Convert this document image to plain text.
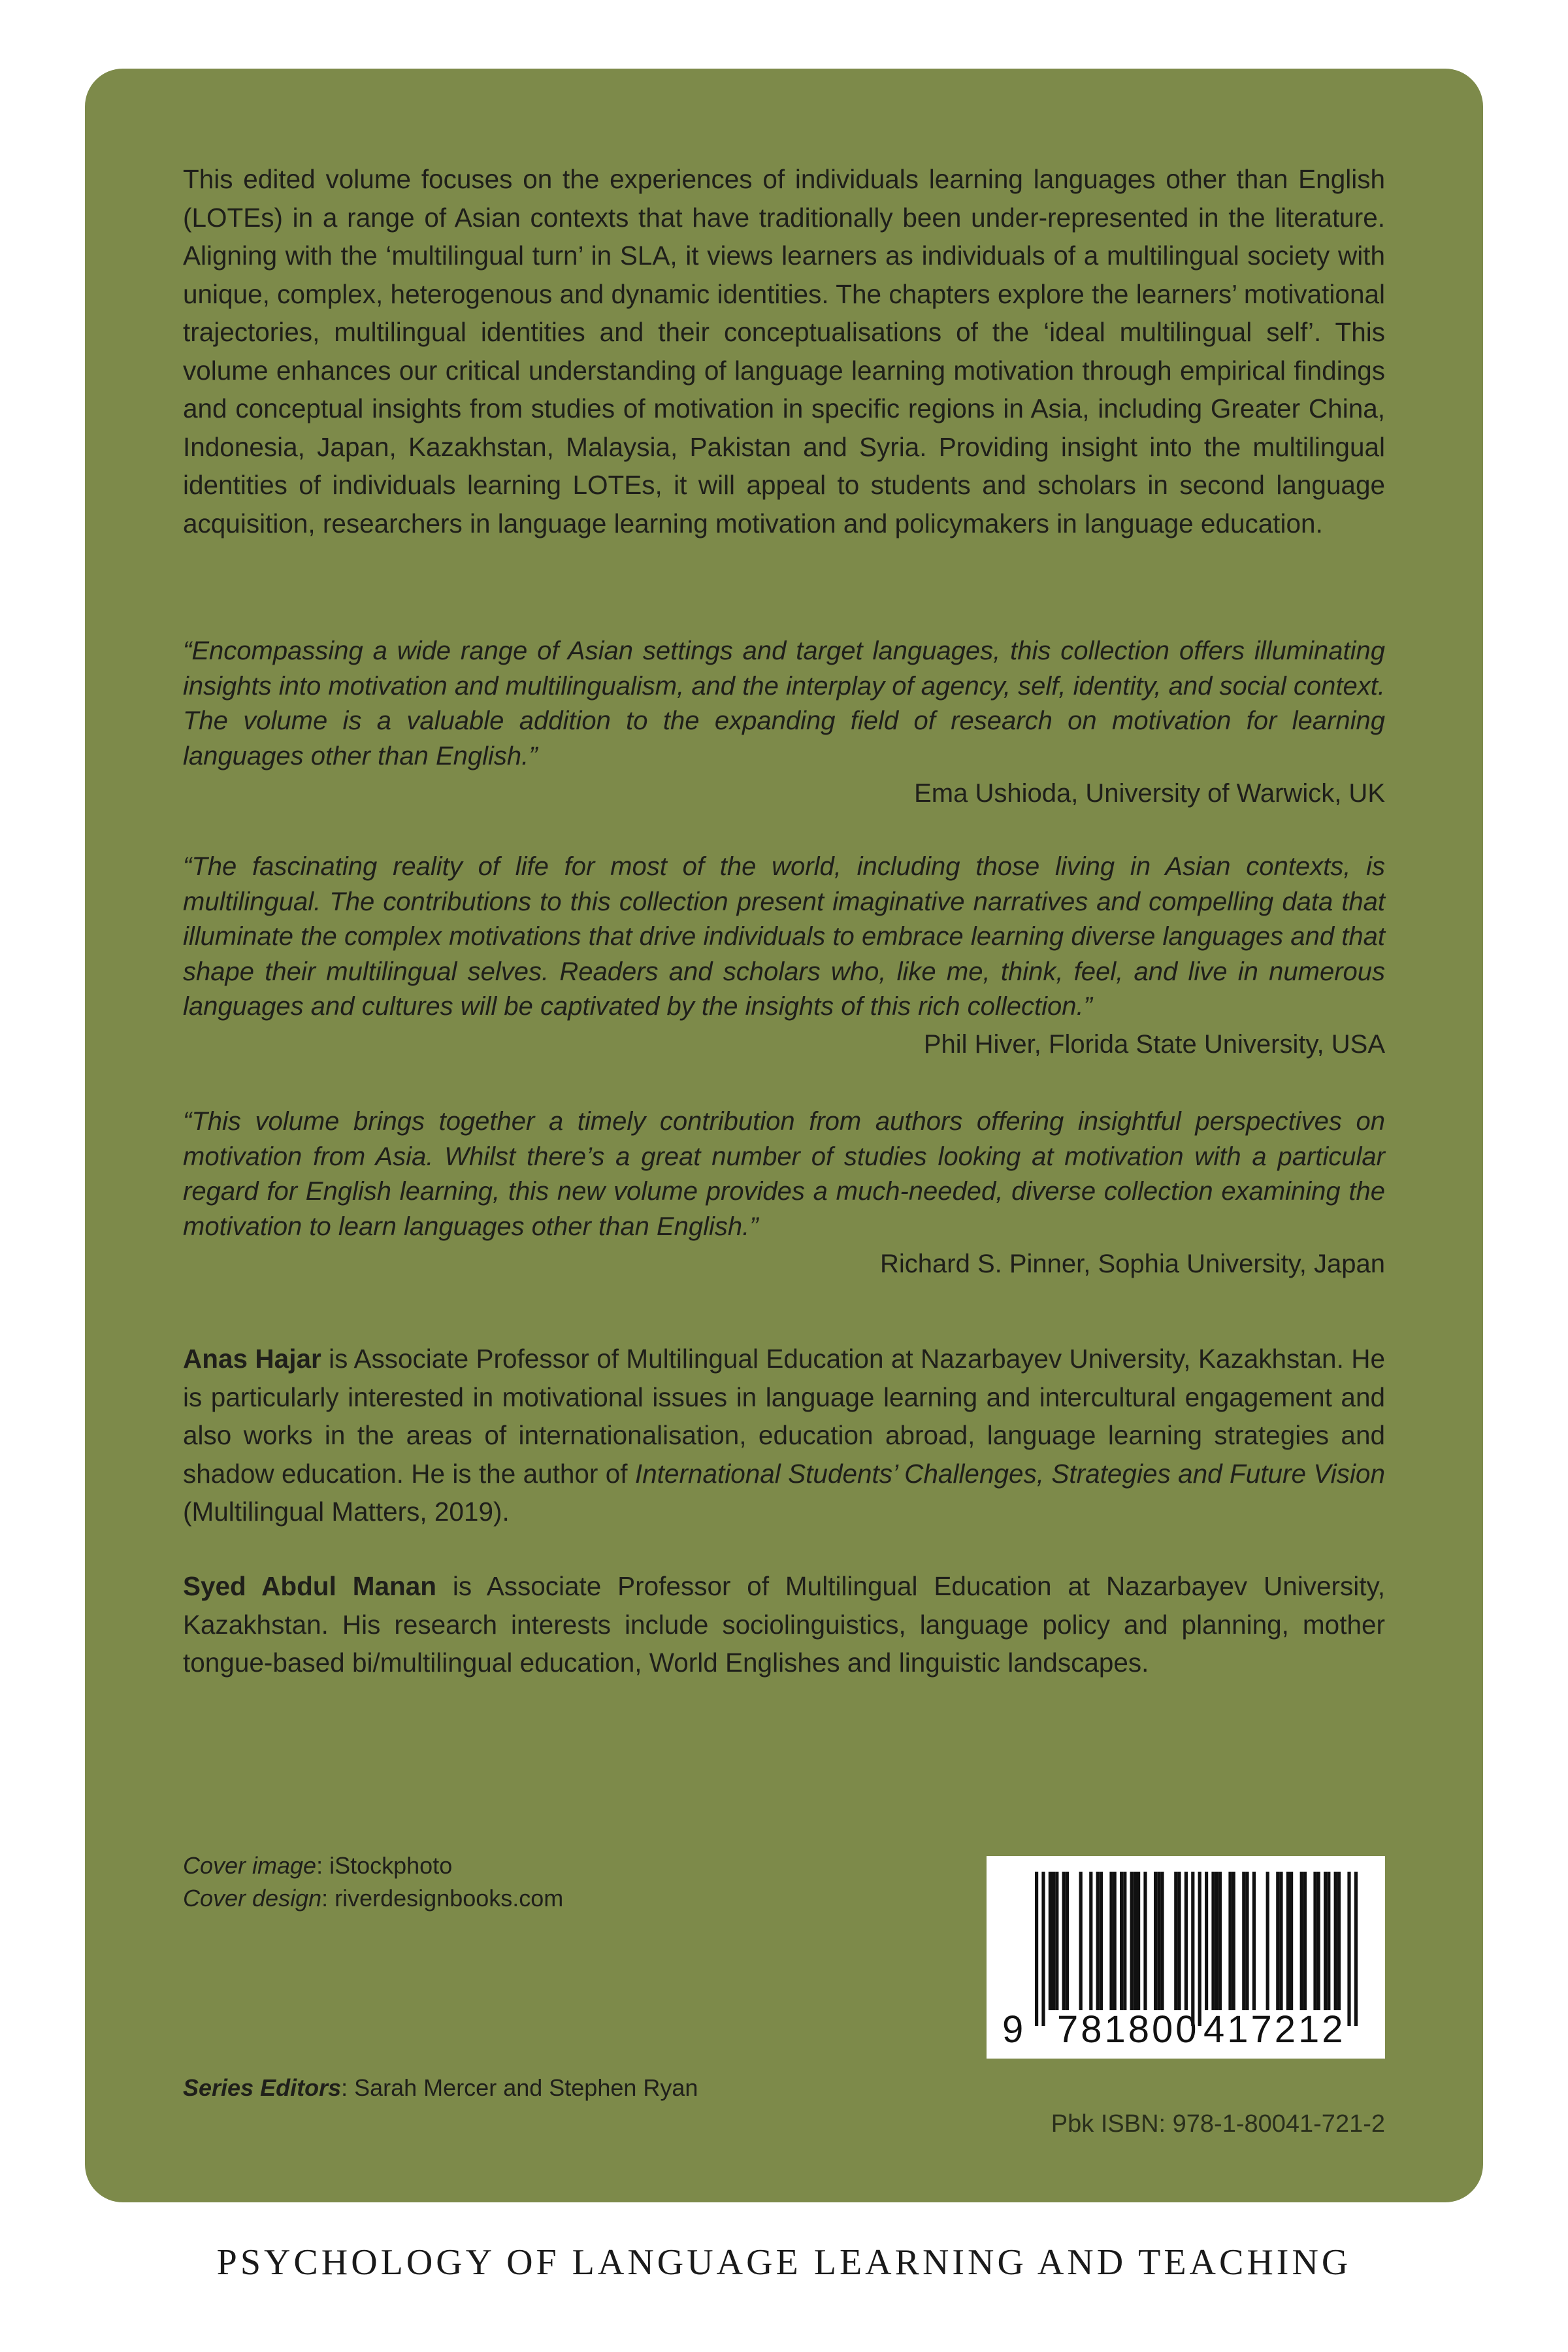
This edited volume focuses on the experiences of individuals learning languages other than English (LOTEs) in a range of Asian contexts that have traditionally been under-represented in the literature. Aligning with the ‘multilingual turn’ in SLA, it views learners as individuals of a multilingual society with unique, complex, heterogenous and dynamic identities. The chapters explore the learners’ motivational trajectories, multilingual identities and their conceptualisations of the ‘ideal multilingual self’. This volume enhances our critical understanding of language learning motivation through empirical findings and conceptual insights from studies of motivation in specific regions in Asia, including Greater China, Indonesia, Japan, Kazakhstan, Malaysia, Pakistan and Syria. Providing insight into the multilingual identities of individuals learning LOTEs, it will appeal to students and scholars in second language acquisition, researchers in language learning motivation and policymakers in language education.
“Encompassing a wide range of Asian settings and target languages, this collection offers illuminating insights into motivation and multilingualism, and the interplay of agency, self, identity, and social context. The volume is a valuable addition to the expanding field of research on motivation for learning languages other than English.”
Ema Ushioda, University of Warwick, UK
“The fascinating reality of life for most of the world, including those living in Asian contexts, is multilingual. The contributions to this collection present imaginative narratives and compelling data that illuminate the complex motivations that drive individuals to embrace learning diverse languages and that shape their multilingual selves. Readers and scholars who, like me, think, feel, and live in numerous languages and cultures will be captivated by the insights of this rich collection.”
Phil Hiver, Florida State University, USA
“This volume brings together a timely contribution from authors offering insightful perspectives on motivation from Asia. Whilst there’s a great number of studies looking at motivation with a particular regard for English learning, this new volume provides a much-needed, diverse collection examining the motivation to learn languages other than English.”
Richard S. Pinner, Sophia University, Japan
Anas Hajar is Associate Professor of Multilingual Education at Nazarbayev University, Kazakhstan. He is particularly interested in motivational issues in language learning and intercultural engagement and also works in the areas of internationalisation, education abroad, language learning strategies and shadow education. He is the author of International Students’ Challenges, Strategies and Future Vision (Multilingual Matters, 2019).
Syed Abdul Manan is Associate Professor of Multilingual Education at Nazarbayev University, Kazakhstan. His research interests include sociolinguistics, language policy and planning, mother tongue-based bi/multilingual education, World Englishes and linguistic landscapes.
Cover image: iStockphoto
Cover design: riverdesignbooks.com
Series Editors: Sarah Mercer and Stephen Ryan
9 781800 417212
Pbk ISBN: 978-1-80041-721-2
PSYCHOLOGY OF LANGUAGE LEARNING AND TEACHING
